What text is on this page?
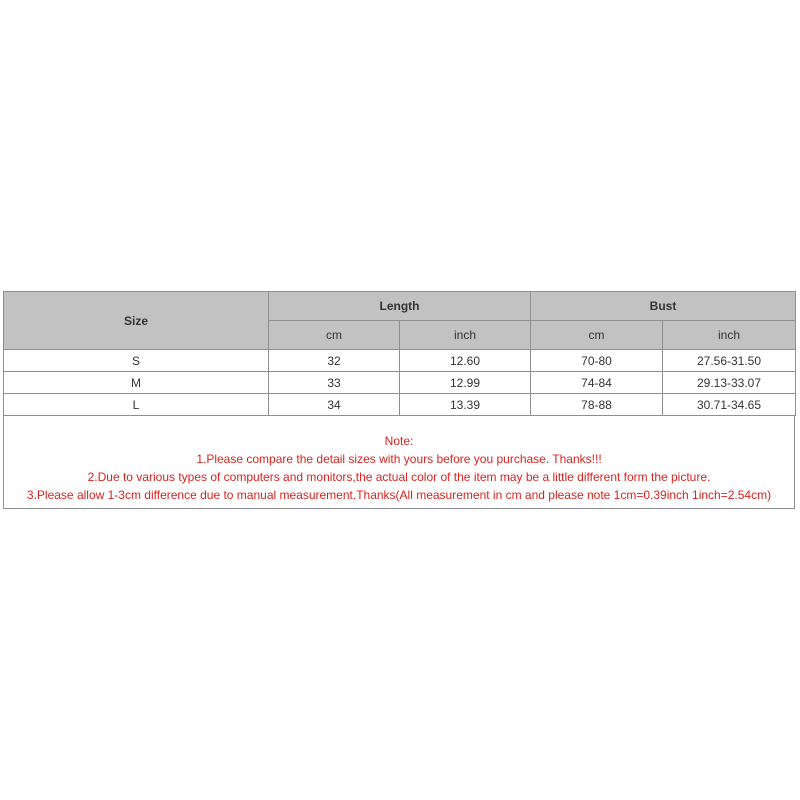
Size	Length		Bust	
	cm	inch	cm	inch
S	32	12.60	70-80	27.56-31.50
M	33	12.99	74-84	29.13-33.07
L	34	13.39	78-88	30.71-34.65
Note:
1.Please compare the detail sizes with yours before you purchase. Thanks!!!
2.Due to various types of computers and monitors,the actual color of the item may be a little different form the picture.
3.Please allow 1-3cm difference due to manual measurement.Thanks(All measurement in cm and please note 1cm=0.39inch 1inch=2.54cm)
